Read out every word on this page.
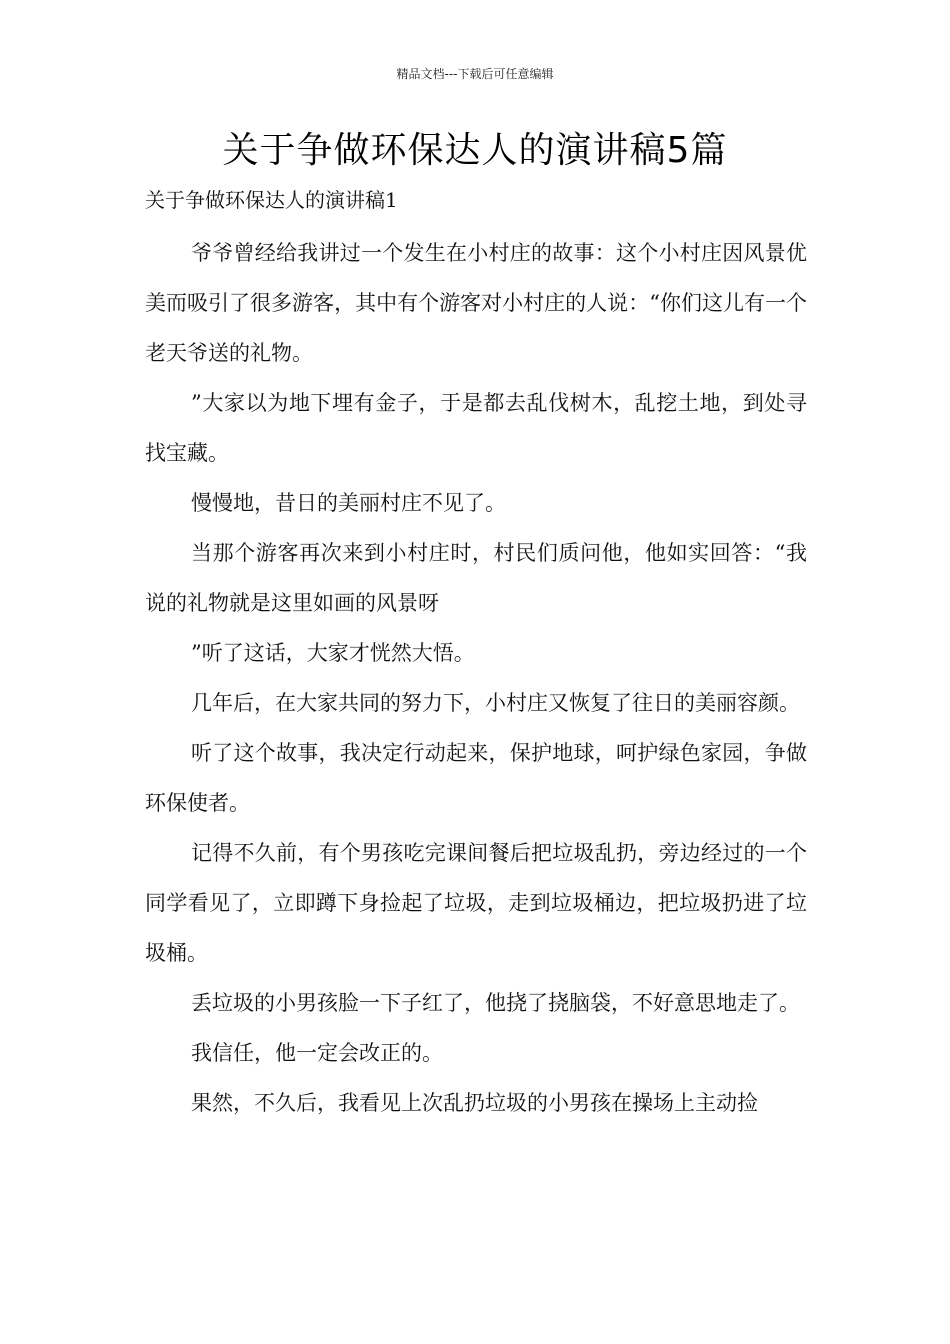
精品文档---下载后可任意编辑
关于争做环保达人的演讲稿5篇
关于争做环保达人的演讲稿1

爷爷曾经给我讲过一个发生在小村庄的故事：这个小村庄因风景优美而吸引了很多游客，其中有个游客对小村庄的人说：“你们这儿有一个老天爷送的礼物。

”大家以为地下埋有金子，于是都去乱伐树木，乱挖土地，到处寻找宝藏。

慢慢地，昔日的美丽村庄不见了。

当那个游客再次来到小村庄时，村民们质问他，他如实回答：“我说的礼物就是这里如画的风景呀

”听了这话，大家才恍然大悟。

几年后，在大家共同的努力下，小村庄又恢复了往日的美丽容颜。

听了这个故事，我决定行动起来，保护地球，呵护绿色家园，争做环保使者。

记得不久前，有个男孩吃完课间餐后把垃圾乱扔，旁边经过的一个同学看见了，立即蹲下身捡起了垃圾，走到垃圾桶边，把垃圾扔进了垃圾桶。

丢垃圾的小男孩脸一下子红了，他挠了挠脑袋，不好意思地走了。

我信任，他一定会改正的。

果然，不久后，我看见上次乱扔垃圾的小男孩在操场上主动捡
